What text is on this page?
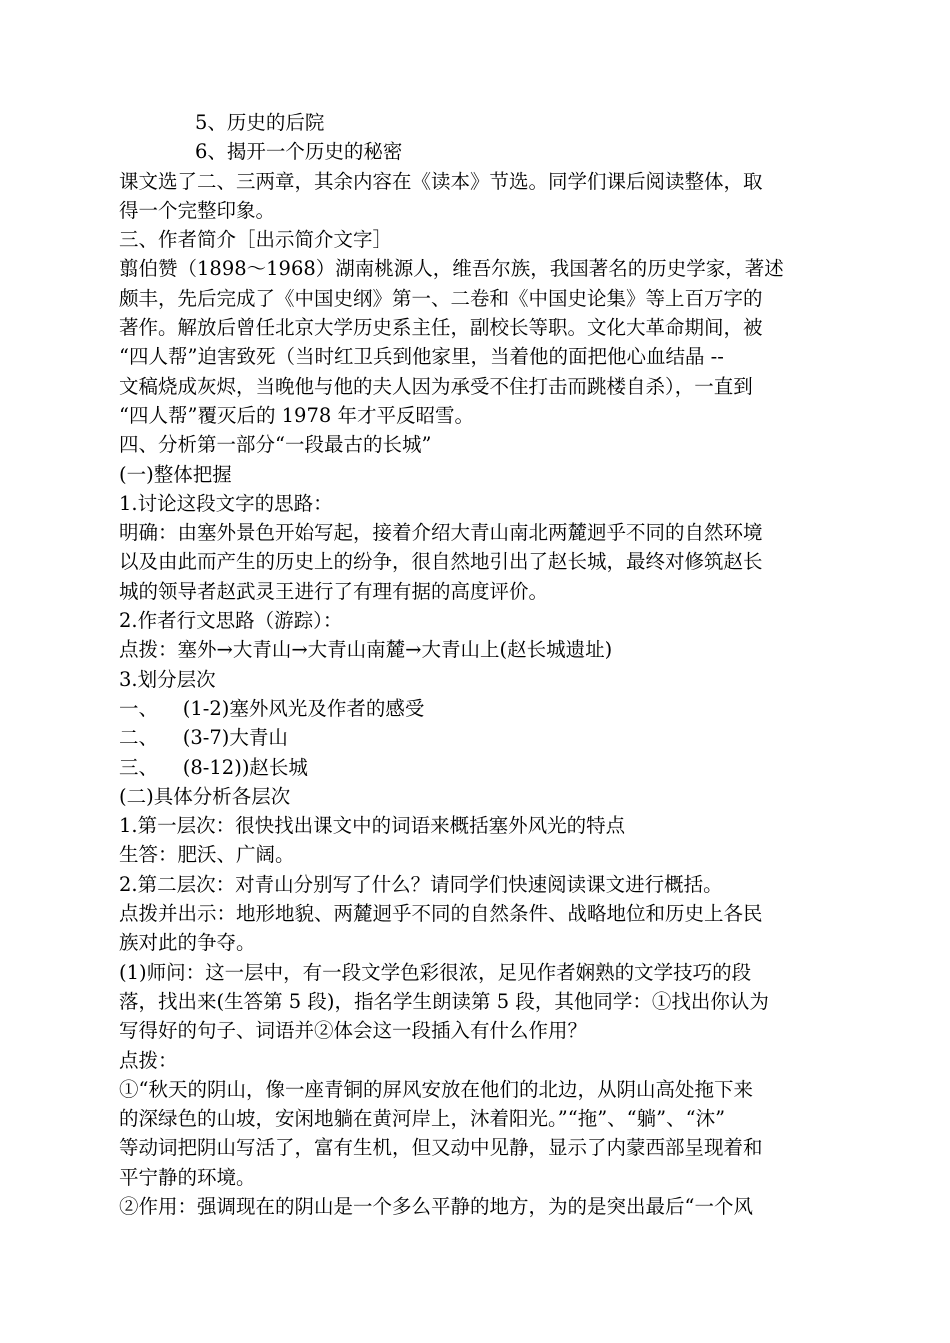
5、历史的后院
6、揭开一个历史的秘密
课文选了二、三两章，其余内容在《读本》节选。同学们课后阅读整体，取
得一个完整印象。
三、作者简介［出示简介文字］
翦伯赞（1898～1968）湖南桃源人，维吾尔族，我国著名的历史学家，著述
颇丰，先后完成了《中国史纲》第一、二卷和《中国史论集》等上百万字的
著作。解放后曾任北京大学历史系主任，副校长等职。文化大革命期间，被
“四人帮”迫害致死（当时红卫兵到他家里，当着他的面把他心血结晶 --
文稿烧成灰烬，当晚他与他的夫人因为承受不住打击而跳楼自杀），一直到
“四人帮”覆灭后的 1978 年才平反昭雪。
四、分析第一部分“一段最古的长城”
(一)整体把握
1.讨论这段文字的思路：
明确：由塞外景色开始写起，接着介绍大青山南北两麓迥乎不同的自然环境
以及由此而产生的历史上的纷争，很自然地引出了赵长城，最终对修筑赵长
城的领导者赵武灵王进行了有理有据的高度评价。
2.作者行文思路（游踪）：
点拨：塞外→大青山→大青山南麓→大青山上(赵长城遗址)
3.划分层次
一、    (1-2)塞外风光及作者的感受
二、    (3-7)大青山
三、    (8-12))赵长城
(二)具体分析各层次
1.第一层次：很快找出课文中的词语来概括塞外风光的特点
生答：肥沃、广阔。
2.第二层次：对青山分别写了什么？请同学们快速阅读课文进行概括。
点拨并出示：地形地貌、两麓迥乎不同的自然条件、战略地位和历史上各民
族对此的争夺。
(1)师问：这一层中，有一段文学色彩很浓，足见作者娴熟的文学技巧的段
落，找出来(生答第 5 段)，指名学生朗读第 5 段，其他同学：①找出你认为
写得好的句子、词语并②体会这一段插入有什么作用？
点拨：
①“秋天的阴山，像一座青铜的屏风安放在他们的北边，从阴山高处拖下来
的深绿色的山坡，安闲地躺在黄河岸上，沐着阳光。”“拖”、“躺”、“沐”
等动词把阴山写活了，富有生机，但又动中见静，显示了内蒙西部呈现着和
平宁静的环境。
②作用：强调现在的阴山是一个多么平静的地方，为的是突出最后“一个风
